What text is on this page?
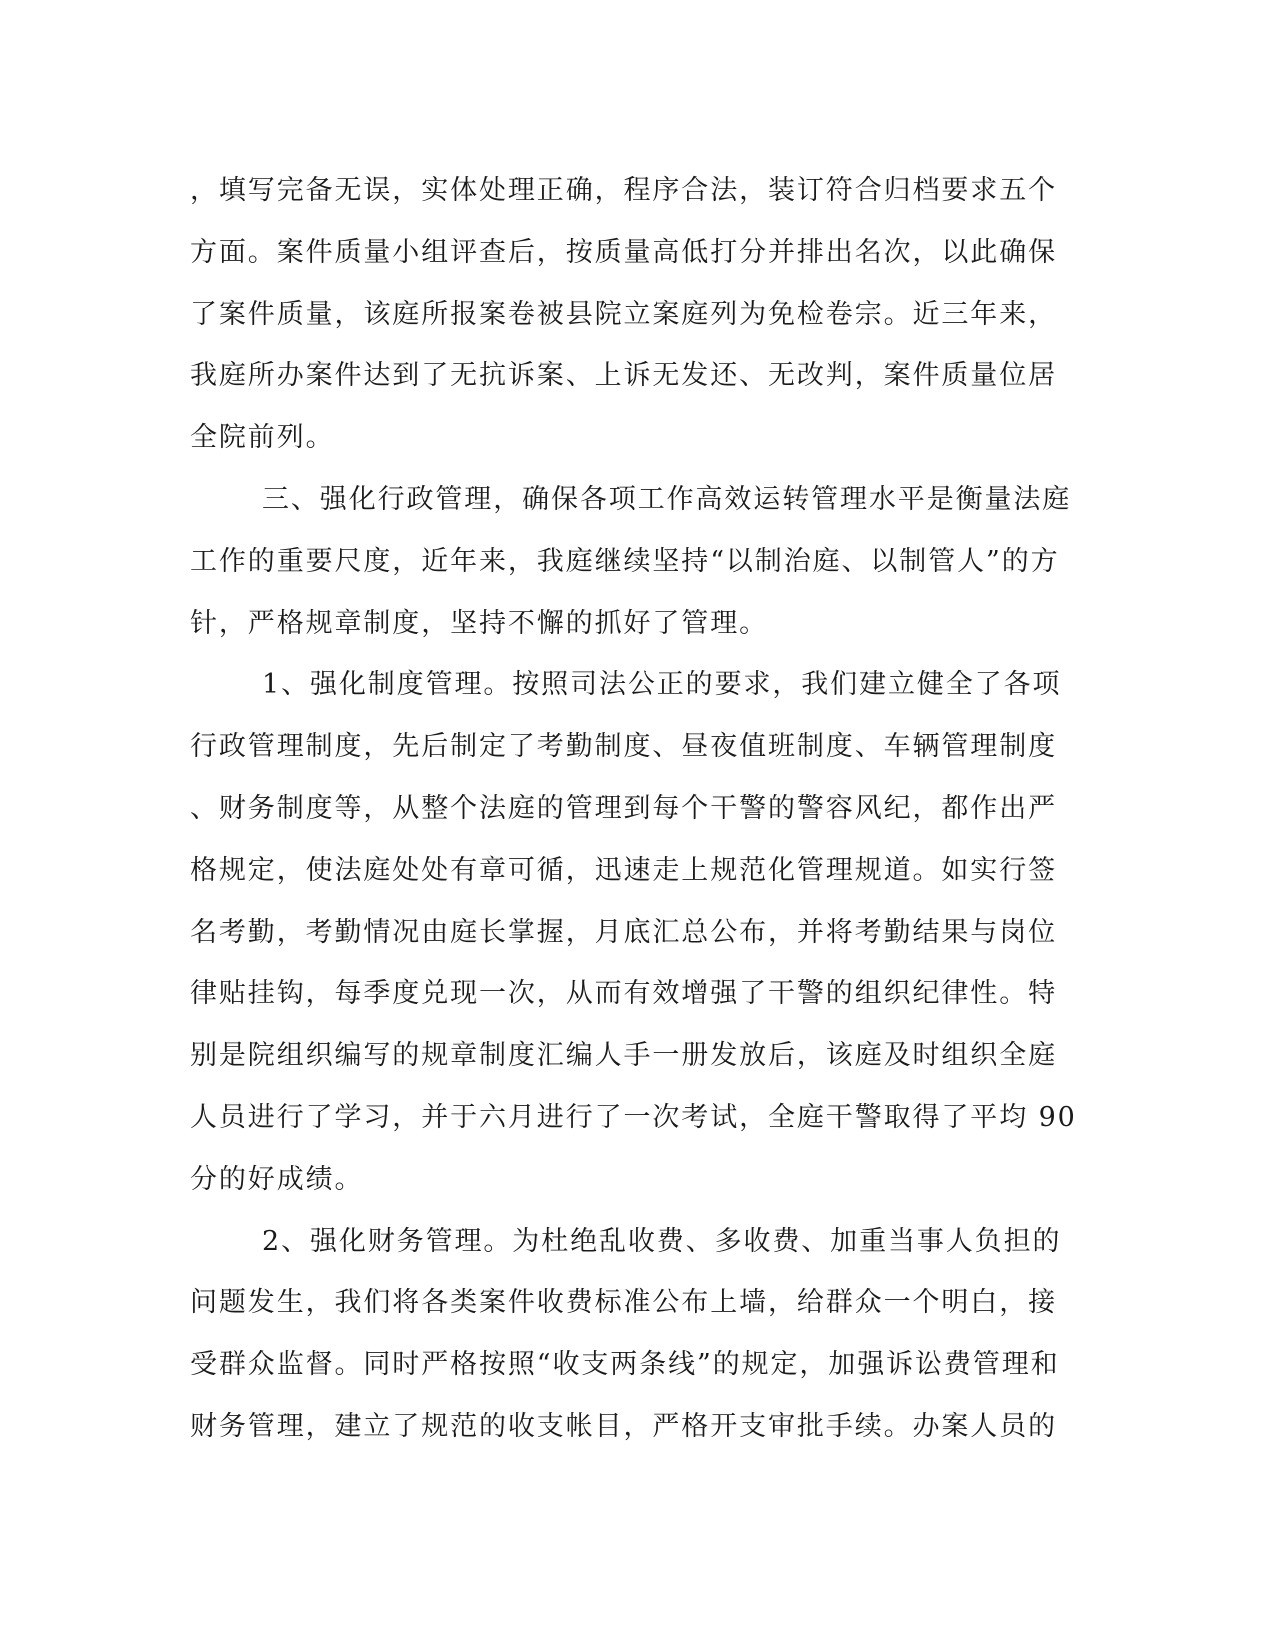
，填写完备无误，实体处理正确，程序合法，装订符合归档要求五个
方面。案件质量小组评查后，按质量高低打分并排出名次，以此确保
了案件质量，该庭所报案卷被县院立案庭列为免检卷宗。近三年来，
我庭所办案件达到了无抗诉案、上诉无发还、无改判，案件质量位居
全院前列。
三、强化行政管理，确保各项工作高效运转管理水平是衡量法庭
工作的重要尺度，近年来，我庭继续坚持“以制治庭、以制管人”的方
针，严格规章制度，坚持不懈的抓好了管理。
1、强化制度管理。按照司法公正的要求，我们建立健全了各项
行政管理制度，先后制定了考勤制度、昼夜值班制度、车辆管理制度
、财务制度等，从整个法庭的管理到每个干警的警容风纪，都作出严
格规定，使法庭处处有章可循，迅速走上规范化管理规道。如实行签
名考勤，考勤情况由庭长掌握，月底汇总公布，并将考勤结果与岗位
律贴挂钩，每季度兑现一次，从而有效增强了干警的组织纪律性。特
别是院组织编写的规章制度汇编人手一册发放后，该庭及时组织全庭
人员进行了学习，并于六月进行了一次考试，全庭干警取得了平均 90
分的好成绩。
2、强化财务管理。为杜绝乱收费、多收费、加重当事人负担的
问题发生，我们将各类案件收费标准公布上墙，给群众一个明白，接
受群众监督。同时严格按照“收支两条线”的规定，加强诉讼费管理和
财务管理，建立了规范的收支帐目，严格开支审批手续。办案人员的
